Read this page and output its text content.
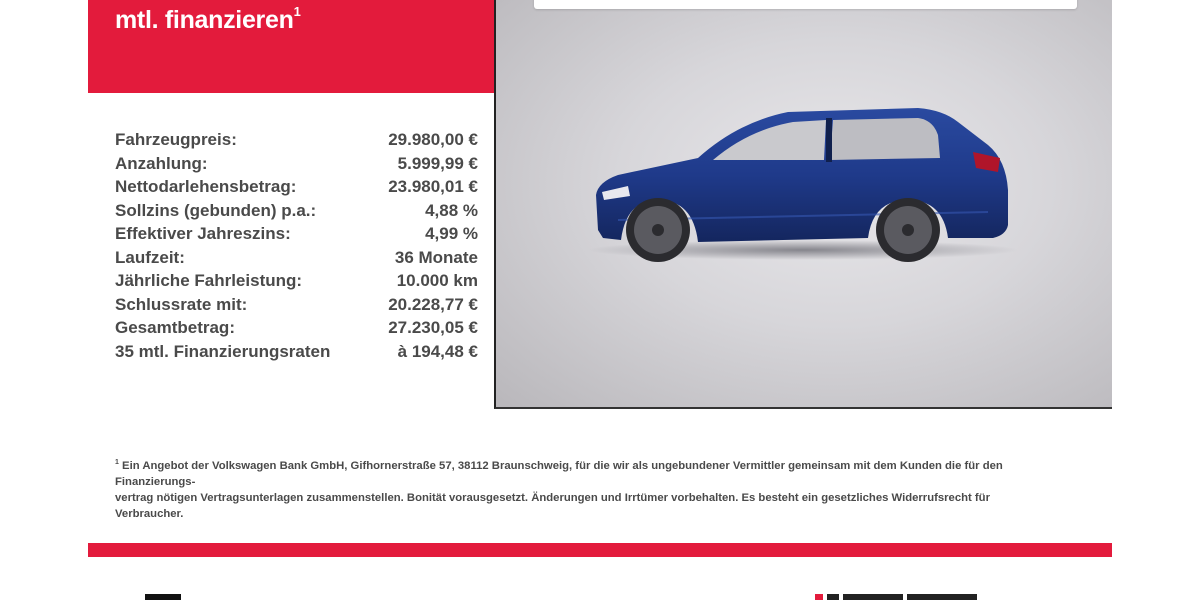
mtl. finanzieren$^1$
Fahrzeugpreis:	29.980,00 €
Anzahlung:	5.999,99 €
Nettodarlehensbetrag:	23.980,01 €
Sollzins (gebunden) p.a.:	4,88 %
Effektiver Jahreszins:	4,99 %
Laufzeit:	36 Monate
Jährliche Fahrleistung:	10.000 km
Schlussrate mit:	20.228,77 €
Gesamtbetrag:	27.230,05 €
35 mtl. Finanzierungsraten	à 194,48 €
$^1$ Ein Angebot der Volkswagen Bank GmbH, Gifhornerstraße 57, 38112 Braunschweig, für die wir als ungebundener Vermittler gemeinsam mit dem Kunden die für den Finanzierungs-
vertrag nötigen Vertragsunterlagen zusammenstellen. Bonität vorausgesetzt. Änderungen und Irrtümer vorbehalten. Es besteht ein gesetzliches Widerrufsrecht für Verbraucher.
